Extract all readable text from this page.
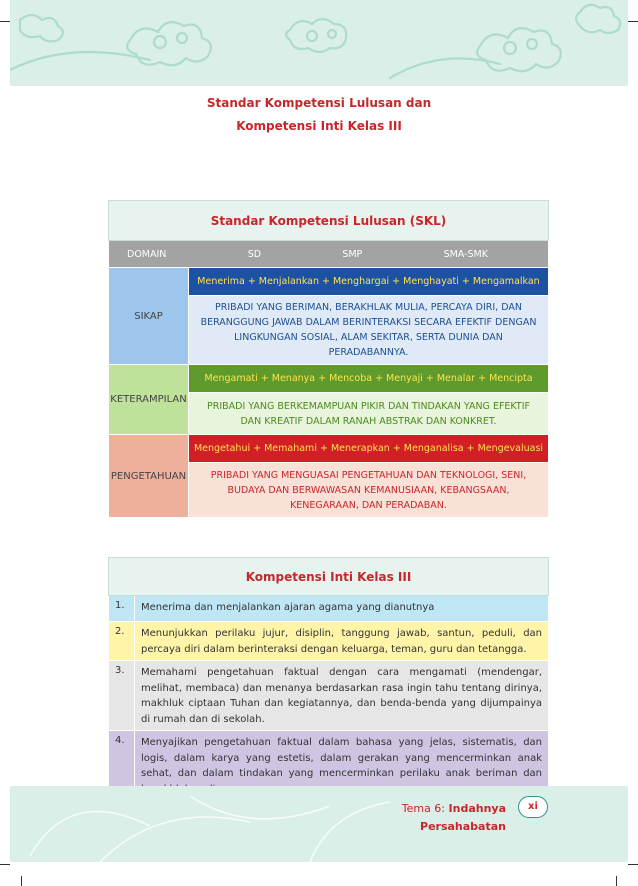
Standar Kompetensi Lulusan dan
Kompetensi Inti Kelas III
Standar Kompetensi Lulusan (SKL)	

DOMAIN SD SMP SMA-SMK	

SIKAP	Menerima + Menjalankan + Menghargai + Menghayati + Mengamalkan
	PRIBADI YANG BERIMAN, BERAKHLAK MULIA, PERCAYA DIRI, DAN BERANGGUNG JAWAB DALAM BERINTERAKSI SECARA EFEKTIF DENGAN LINGKUNGAN SOSIAL, ALAM SEKITAR, SERTA DUNIA DAN PERADABANNYA.
KETERAMPILAN	Mengamati + Menanya + Mencoba + Menyaji + Menalar + Mencipta
	PRIBADI YANG BERKEMAMPUAN PIKIR DAN TINDAKAN YANG EFEKTIF DAN KREATIF DALAM RANAH ABSTRAK DAN KONKRET.
PENGETAHUAN	Mengetahui + Memahami + Menerapkan + Menganalisa + Mengevaluasi
	PRIBADI YANG MENGUASAI PENGETAHUAN DAN TEKNOLOGI, SENI, BUDAYA DAN BERWAWASAN KEMANUSIAAN, KEBANGSAAN, KENEGARAAN, DAN PERADABAN.
Kompetensi Inti Kelas III	
1.	Menerima dan menjalankan ajaran agama yang dianutnya
2.	Menunjukkan perilaku jujur, disiplin, tanggung jawab, santun, peduli, dan percaya diri dalam berinteraksi dengan keluarga, teman, guru dan tetangga.
3.	Memahami pengetahuan faktual dengan cara mengamati (mendengar, melihat, membaca) dan menanya berdasarkan rasa ingin tahu tentang dirinya, makhluk ciptaan Tuhan dan kegiatannya, dan benda-benda yang dijumpainya di rumah dan di sekolah.
4.	Menyajikan pengetahuan faktual dalam bahasa yang jelas, sistematis, dan logis, dalam karya yang estetis, dalam gerakan yang mencerminkan anak sehat, dan dalam tindakan yang mencerminkan perilaku anak beriman dan
Tema 6: Indahnya Persahabatan
xi
